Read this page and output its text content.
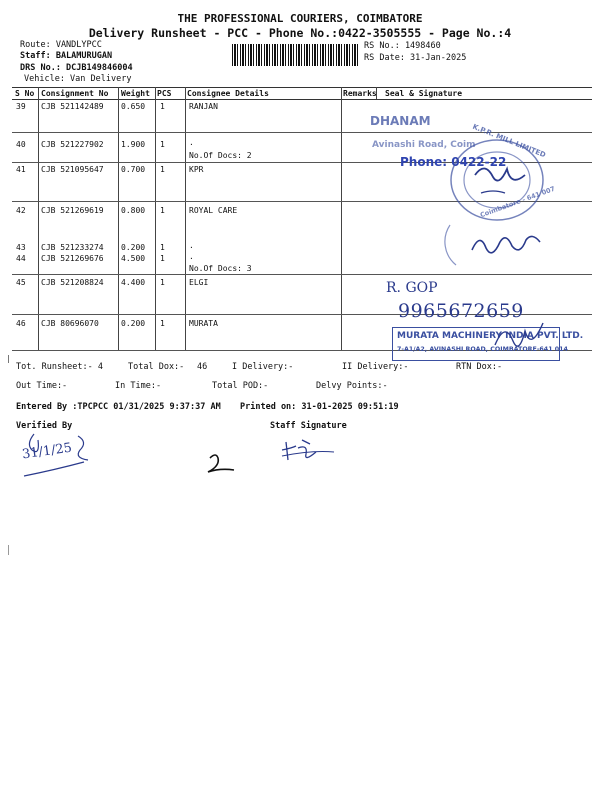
THE PROFESSIONAL COURIERS, COIMBATORE
Delivery Runsheet - PCC - Phone No.:0422-3505555 - Page No.:4
Route: VANDLYPCC
Staff: BALAMURUGAN
DRS No.: DCJB149846004
Vehicle: Van Delivery
RS No.: 1498460
RS Date: 31-Jan-2025
S No	Consignment No	Weight	PCS	Consignee Details	Remarks	Seal & Signature
39 CJB 521142489 0.650 1	RANJAN
40 CJB 521227902 1.900 1	.
No.Of Docs: 2
41 CJB 521095647 0.700 1	KPR
42 CJB 521269619 0.800 1	ROYAL CARE
43 CJB 521233274 0.200 1	.
44 CJB 521269676 4.500 1	.
No.Of Docs: 3
45 CJB 521208824 4.400 1	ELGI
46 CJB 80696070	0.200 1	MURATA
DHANAM
Avinashi Road, Coim
Phone: 0422-22
K.P.R. MILL LIMITED
Coimbatore - 641 007
R. GOP
9965672659
MURATA MACHINERY INDIA PVT. LTD.
7-A1/A2, AVINASHI ROAD, COIMBATORE-641 014
Tot. Runsheet:- 4	Total Dox:- 46	I Delivery:-	II Delivery:-	RTN Dox:-
Out Time:-	In Time:-	Total POD:-	Delvy Points:-
Entered By :TPCPCC 01/31/2025 9:37:37 AM Printed on: 31-01-2025 09:51:19
Verified By	Staff Signature
31/1/25
